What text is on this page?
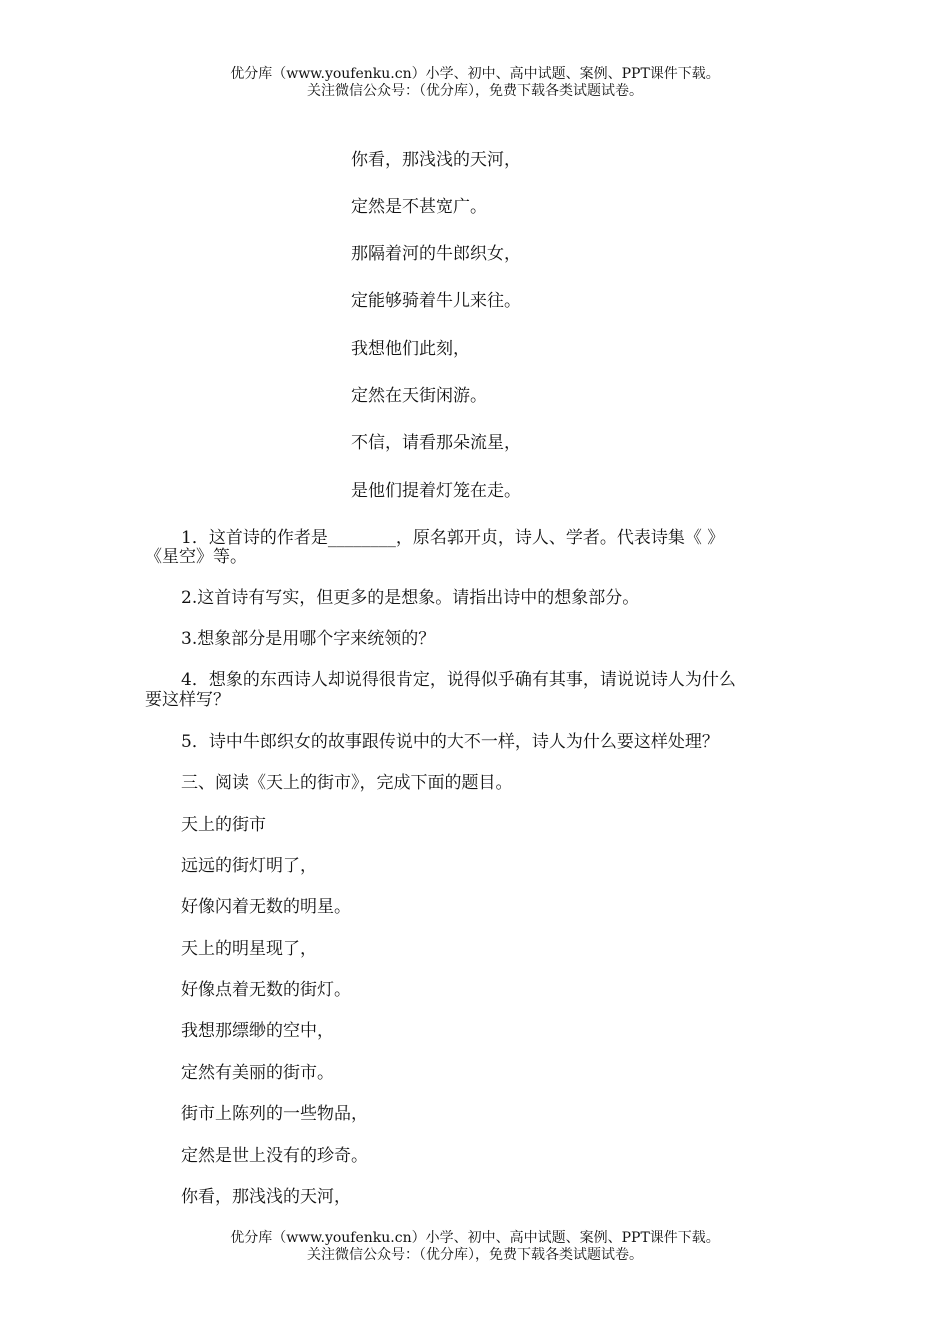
优分库（www.youfenku.cn）小学、初中、高中试题、案例、PPT课件下载。
关注微信公众号：（优分库），免费下载各类试题试卷。
你看，那浅浅的天河，
定然是不甚宽广。
那隔着河的牛郎织女，
定能够骑着牛儿来往。
我想他们此刻，
定然在天街闲游。
不信，请看那朵流星，
是他们提着灯笼在走。
1．这首诗的作者是________，原名郭开贞，诗人、学者。代表诗集《 》
《星空》等。
2.这首诗有写实，但更多的是想象。请指出诗中的想象部分。
3.想象部分是用哪个字来统领的？
4．想象的东西诗人却说得很肯定，说得似乎确有其事，请说说诗人为什么
要这样写？
5．诗中牛郎织女的故事跟传说中的大不一样，诗人为什么要这样处理？
三、阅读《天上的街市》，完成下面的题目。
天上的街市
远远的街灯明了，
好像闪着无数的明星。
天上的明星现了，
好像点着无数的街灯。
我想那缥缈的空中，
定然有美丽的街市。
街市上陈列的一些物品，
定然是世上没有的珍奇。
你看，那浅浅的天河，
优分库（www.youfenku.cn）小学、初中、高中试题、案例、PPT课件下载。
关注微信公众号：（优分库），免费下载各类试题试卷。
